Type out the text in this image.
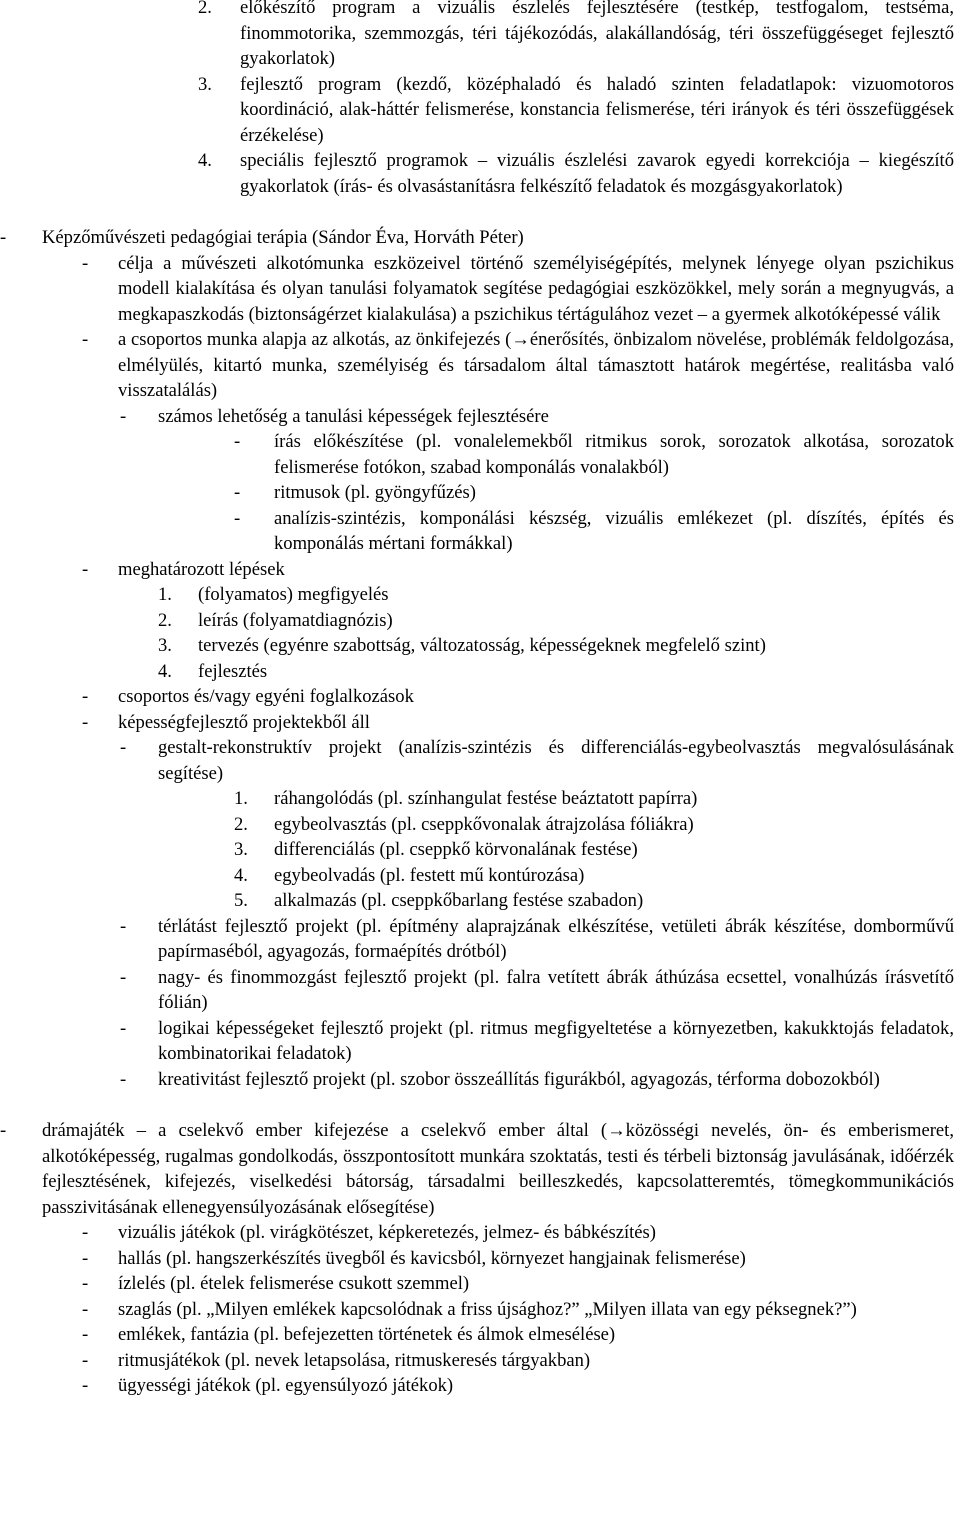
2.	előkészítő program a vizuális észlelés fejlesztésére (testkép, testfogalom, testséma, finommotorika, szemmozgás, téri tájékozódás, alakállandóság, téri összefüggéseget fejlesztő gyakorlatok)
3.	fejlesztő program (kezdő, középhaladó és haladó szinten feladatlapok: vizuomotoros koordináció, alak-háttér felismerése, konstancia felismerése, téri irányok és téri összefüggések érzékelése)
4.	speciális fejlesztő programok – vizuális észlelési zavarok egyedi korrekciója – kiegészítő gyakorlatok (írás- és olvasástanításra felkészítő feladatok és mozgásgyakorlatok)
-	Képzőművészeti pedagógiai terápia (Sándor Éva, Horváth Péter)
-	célja a művészeti alkotómunka eszközeivel történő személyiségépítés, melynek lényege olyan pszichikus modell kialakítása és olyan tanulási folyamatok segítése pedagógiai eszközökkel, mely során a megnyugvás, a megkapaszkodás (biztonságérzet kialakulása) a pszichikus tértágulához vezet – a gyermek alkotóképessé válik
-	a csoportos munka alapja az alkotás, az önkifejezés (→énerősítés, önbizalom növelése, problémák feldolgozása, elmélyülés, kitartó munka, személyiség és társadalom által támasztott határok megértése, realitásba való visszatalálás)
-	számos lehetőség a tanulási képességek fejlesztésére
-	írás előkészítése (pl. vonalelemekből ritmikus sorok, sorozatok alkotása, sorozatok felismerése fotókon, szabad komponálás vonalakból)
-	ritmusok (pl. gyöngyfűzés)
-	analízis-szintézis, komponálási készség, vizuális emlékezet (pl. díszítés, építés és komponálás mértani formákkal)
-	meghatározott lépések
1.	(folyamatos) megfigyelés
2.	leírás (folyamatdiagnózis)
3.	tervezés (egyénre szabottság, változatosság, képességeknek megfelelő szint)
4.	fejlesztés
-	csoportos és/vagy egyéni foglalkozások
-	képességfejlesztő projektekből áll
-	gestalt-rekonstruktív projekt (analízis-szintézis és differenciálás-egybeolvasztás megvalósulásának segítése)
1.	ráhangolódás (pl. színhangulat festése beáztatott papírra)
2.	egybeolvasztás (pl. cseppkővonalak átrajzolása fóliákra)
3.	differenciálás (pl. cseppkő körvonalának festése)
4.	egybeolvadás (pl. festett mű kontúrozása)
5.	alkalmazás (pl. cseppkőbarlang festése szabadon)
-	térlátást fejlesztő projekt (pl. építmény alaprajzának elkészítése, vetületi ábrák készítése, domborművű papírmaséból, agyagozás, formaépítés drótból)
-	nagy- és finommozgást fejlesztő projekt (pl. falra vetített ábrák áthúzása ecsettel, vonalhúzás írásvetítő fólián)
-	logikai képességeket fejlesztő projekt (pl. ritmus megfigyeltetése a környezetben, kakukktojás feladatok, kombinatorikai feladatok)
-	kreativitást fejlesztő projekt (pl. szobor összeállítás figurákból, agyagozás, térforma dobozokból)
-	drámajáték – a cselekvő ember kifejezése a cselekvő ember által (→közösségi nevelés, ön- és emberismeret, alkotóképesség, rugalmas gondolkodás, összpontosított munkára szoktatás, testi és térbeli biztonság javulásának, időérzék fejlesztésének, kifejezés, viselkedési bátorság, társadalmi beilleszkedés, kapcsolatteremtés, tömegkommunikációs passzivitásának ellenegyensúlyozásának elősegítése)
-	vizuális játékok (pl. virágkötészet, képkeretezés, jelmez- és bábkészítés)
-	hallás (pl. hangszerkészítés üvegből és kavicsból, környezet hangjainak felismerése)
-	ízlelés (pl. ételek felismerése csukott szemmel)
-	szaglás (pl. „Milyen emlékek kapcsolódnak a friss újsághoz?” „Milyen illata van egy péksegnek?”)
-	emlékek, fantázia (pl. befejezetten történetek és álmok elmesélése)
-	ritmusjátékok (pl. nevek letapsolása, ritmuskeresés tárgyakban)
-	ügyességi játékok (pl. egyensúlyozó játékok)
